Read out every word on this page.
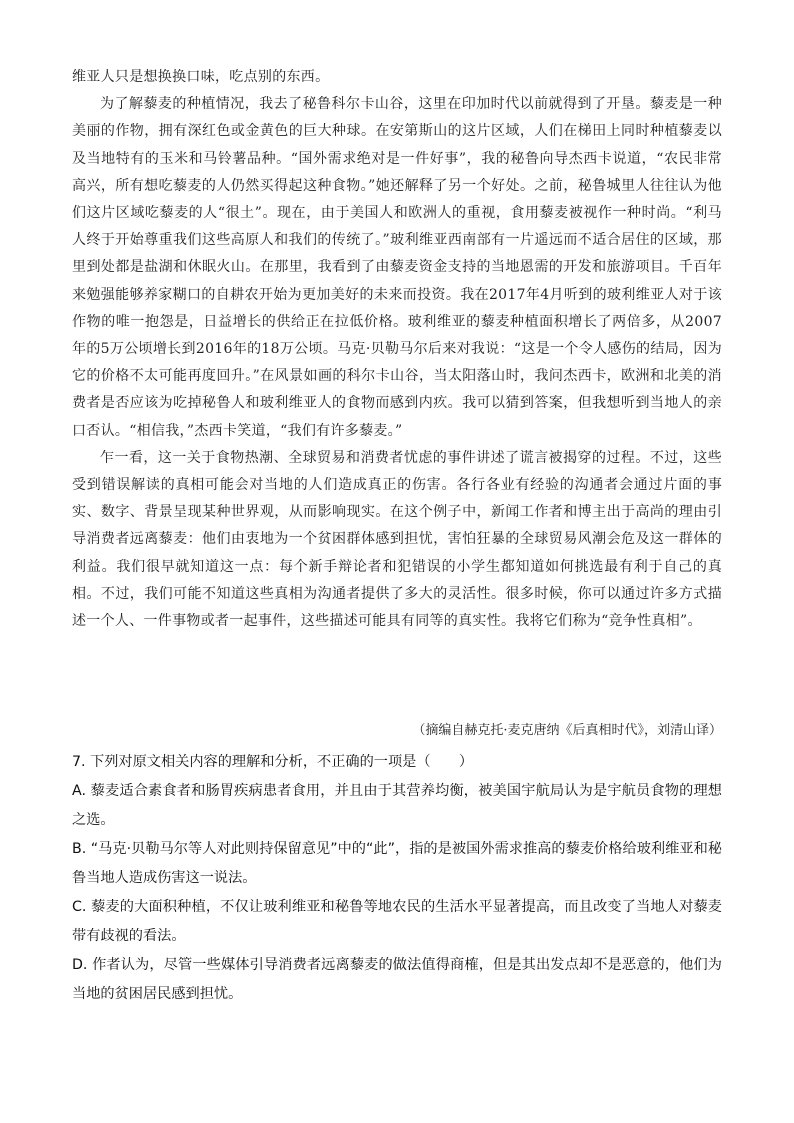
维亚人只是想换换口味，吃点别的东西。

为了解藜麦的种植情况，我去了秘鲁科尔卡山谷，这里在印加时代以前就得到了开垦。藜麦是一种美丽的作物，拥有深红色或金黄色的巨大种球。在安第斯山的这片区域，人们在梯田上同时种植藜麦以及当地特有的玉米和马铃薯品种。“国外需求绝对是一件好事”，我的秘鲁向导杰西卡说道，“农民非常高兴，所有想吃藜麦的人仍然买得起这种食物。”她还解释了另一个好处。之前，秘鲁城里人往往认为他们这片区域吃藜麦的人“很土”。现在，由于美国人和欧洲人的重视，食用藜麦被视作一种时尚。“利马人终于开始尊重我们这些高原人和我们的传统了。”玻利维亚西南部有一片遥远而不适合居住的区域，那里到处都是盐湖和休眠火山。在那里，我看到了由藜麦资金支持的当地恩需的开发和旅游项目。千百年来勉强能够养家糊口的自耕农开始为更加美好的未来而投资。我在2017年4月听到的玻利维亚人对于该作物的唯一抱怨是，日益增长的供给正在拉低价格。玻利维亚的藜麦种植面积增长了两倍多，从2007年的5万公顷增长到2016年的18万公顷。马克·贝勒马尔后来对我说：“这是一个令人感伤的结局，因为它的价格不太可能再度回升。”在风景如画的科尔卡山谷，当太阳落山时，我问杰西卡，欧洲和北美的消费者是否应该为吃掉秘鲁人和玻利维亚人的食物而感到内疚。我可以猜到答案，但我想听到当地人的亲口否认。“相信我，”杰西卡笑道，“我们有许多藜麦。”

乍一看，这一关于食物热潮、全球贸易和消费者忧虑的事件讲述了谎言被揭穿的过程。不过，这些受到错误解读的真相可能会对当地的人们造成真正的伤害。各行各业有经验的沟通者会通过片面的事实、数字、背景呈现某种世界观，从而影响现实。在这个例子中，新闻工作者和博主出于高尚的理由引导消费者远离藜麦：他们由衷地为一个贫困群体感到担忧，害怕狂暴的全球贸易风潮会危及这一群体的利益。我们很早就知道这一点：每个新手辩论者和犯错误的小学生都知道如何挑选最有利于自己的真相。不过，我们可能不知道这些真相为沟通者提供了多大的灵活性。很多时候，你可以通过许多方式描述一个人、一件事物或者一起事件，这些描述可能具有同等的真实性。我将它们称为“竞争性真相”。

（摘编自赫克托·麦克唐纳《后真相时代》，刘清山译）

7. 下列对原文相关内容的理解和分析，不正确的一项是（　　）

A. 藜麦适合素食者和肠胃疾病患者食用，并且由于其营养均衡，被美国宇航局认为是宇航员食物的理想之选。

B. “马克·贝勒马尔等人对此则持保留意见”中的“此”，指的是被国外需求推高的藜麦价格给玻利维亚和秘鲁当地人造成伤害这一说法。

C. 藜麦的大面积种植，不仅让玻利维亚和秘鲁等地农民的生活水平显著提高，而且改变了当地人对藜麦带有歧视的看法。

D. 作者认为，尽管一些媒体引导消费者远离藜麦的做法值得商榷，但是其出发点却不是恶意的，他们为当地的贫困居民感到担忧。
